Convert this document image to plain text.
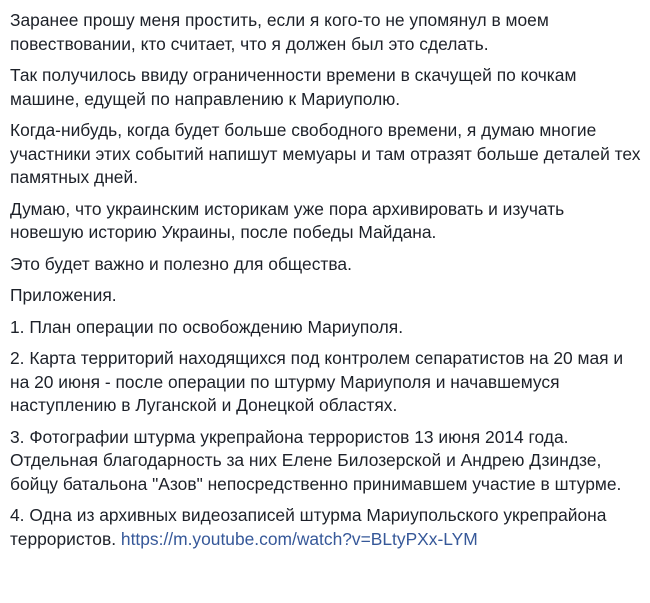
Заранее прошу меня простить, если я кого-то не упомянул в моем повествовании, кто считает, что я должен был это сделать.

Так получилось ввиду ограниченности времени в скачущей по кочкам машине, едущей по направлению к Мариуполю.

Когда-нибудь, когда будет больше свободного времени, я думаю многие участники этих событий напишут мемуары и там отразят больше деталей тех памятных дней.

Думаю, что украинским историкам уже пора архивировать и изучать новешую историю Украины, после победы Майдана.

Это будет важно и полезно для общества.

Приложения.

1. План операции по освобождению Мариуполя.

2. Карта территорий находящихся под контролем сепаратистов на 20 мая и на 20 июня - после операции по штурму Мариуполя и начавшемуся наступлению в Луганской и Донецкой областях.

3. Фотографии штурма укрепрайона террористов 13 июня 2014 года. Отдельная благодарность за них Елене Билозерской и Андрею Дзиндзе, бойцу батальона "Азов" непосредственно принимавшем участие в штурме.

4. Одна из архивных видеозаписей штурма Мариупольского укрепрайона террористов. https://m.youtube.com/watch?v=BLtyPXx-LYM
